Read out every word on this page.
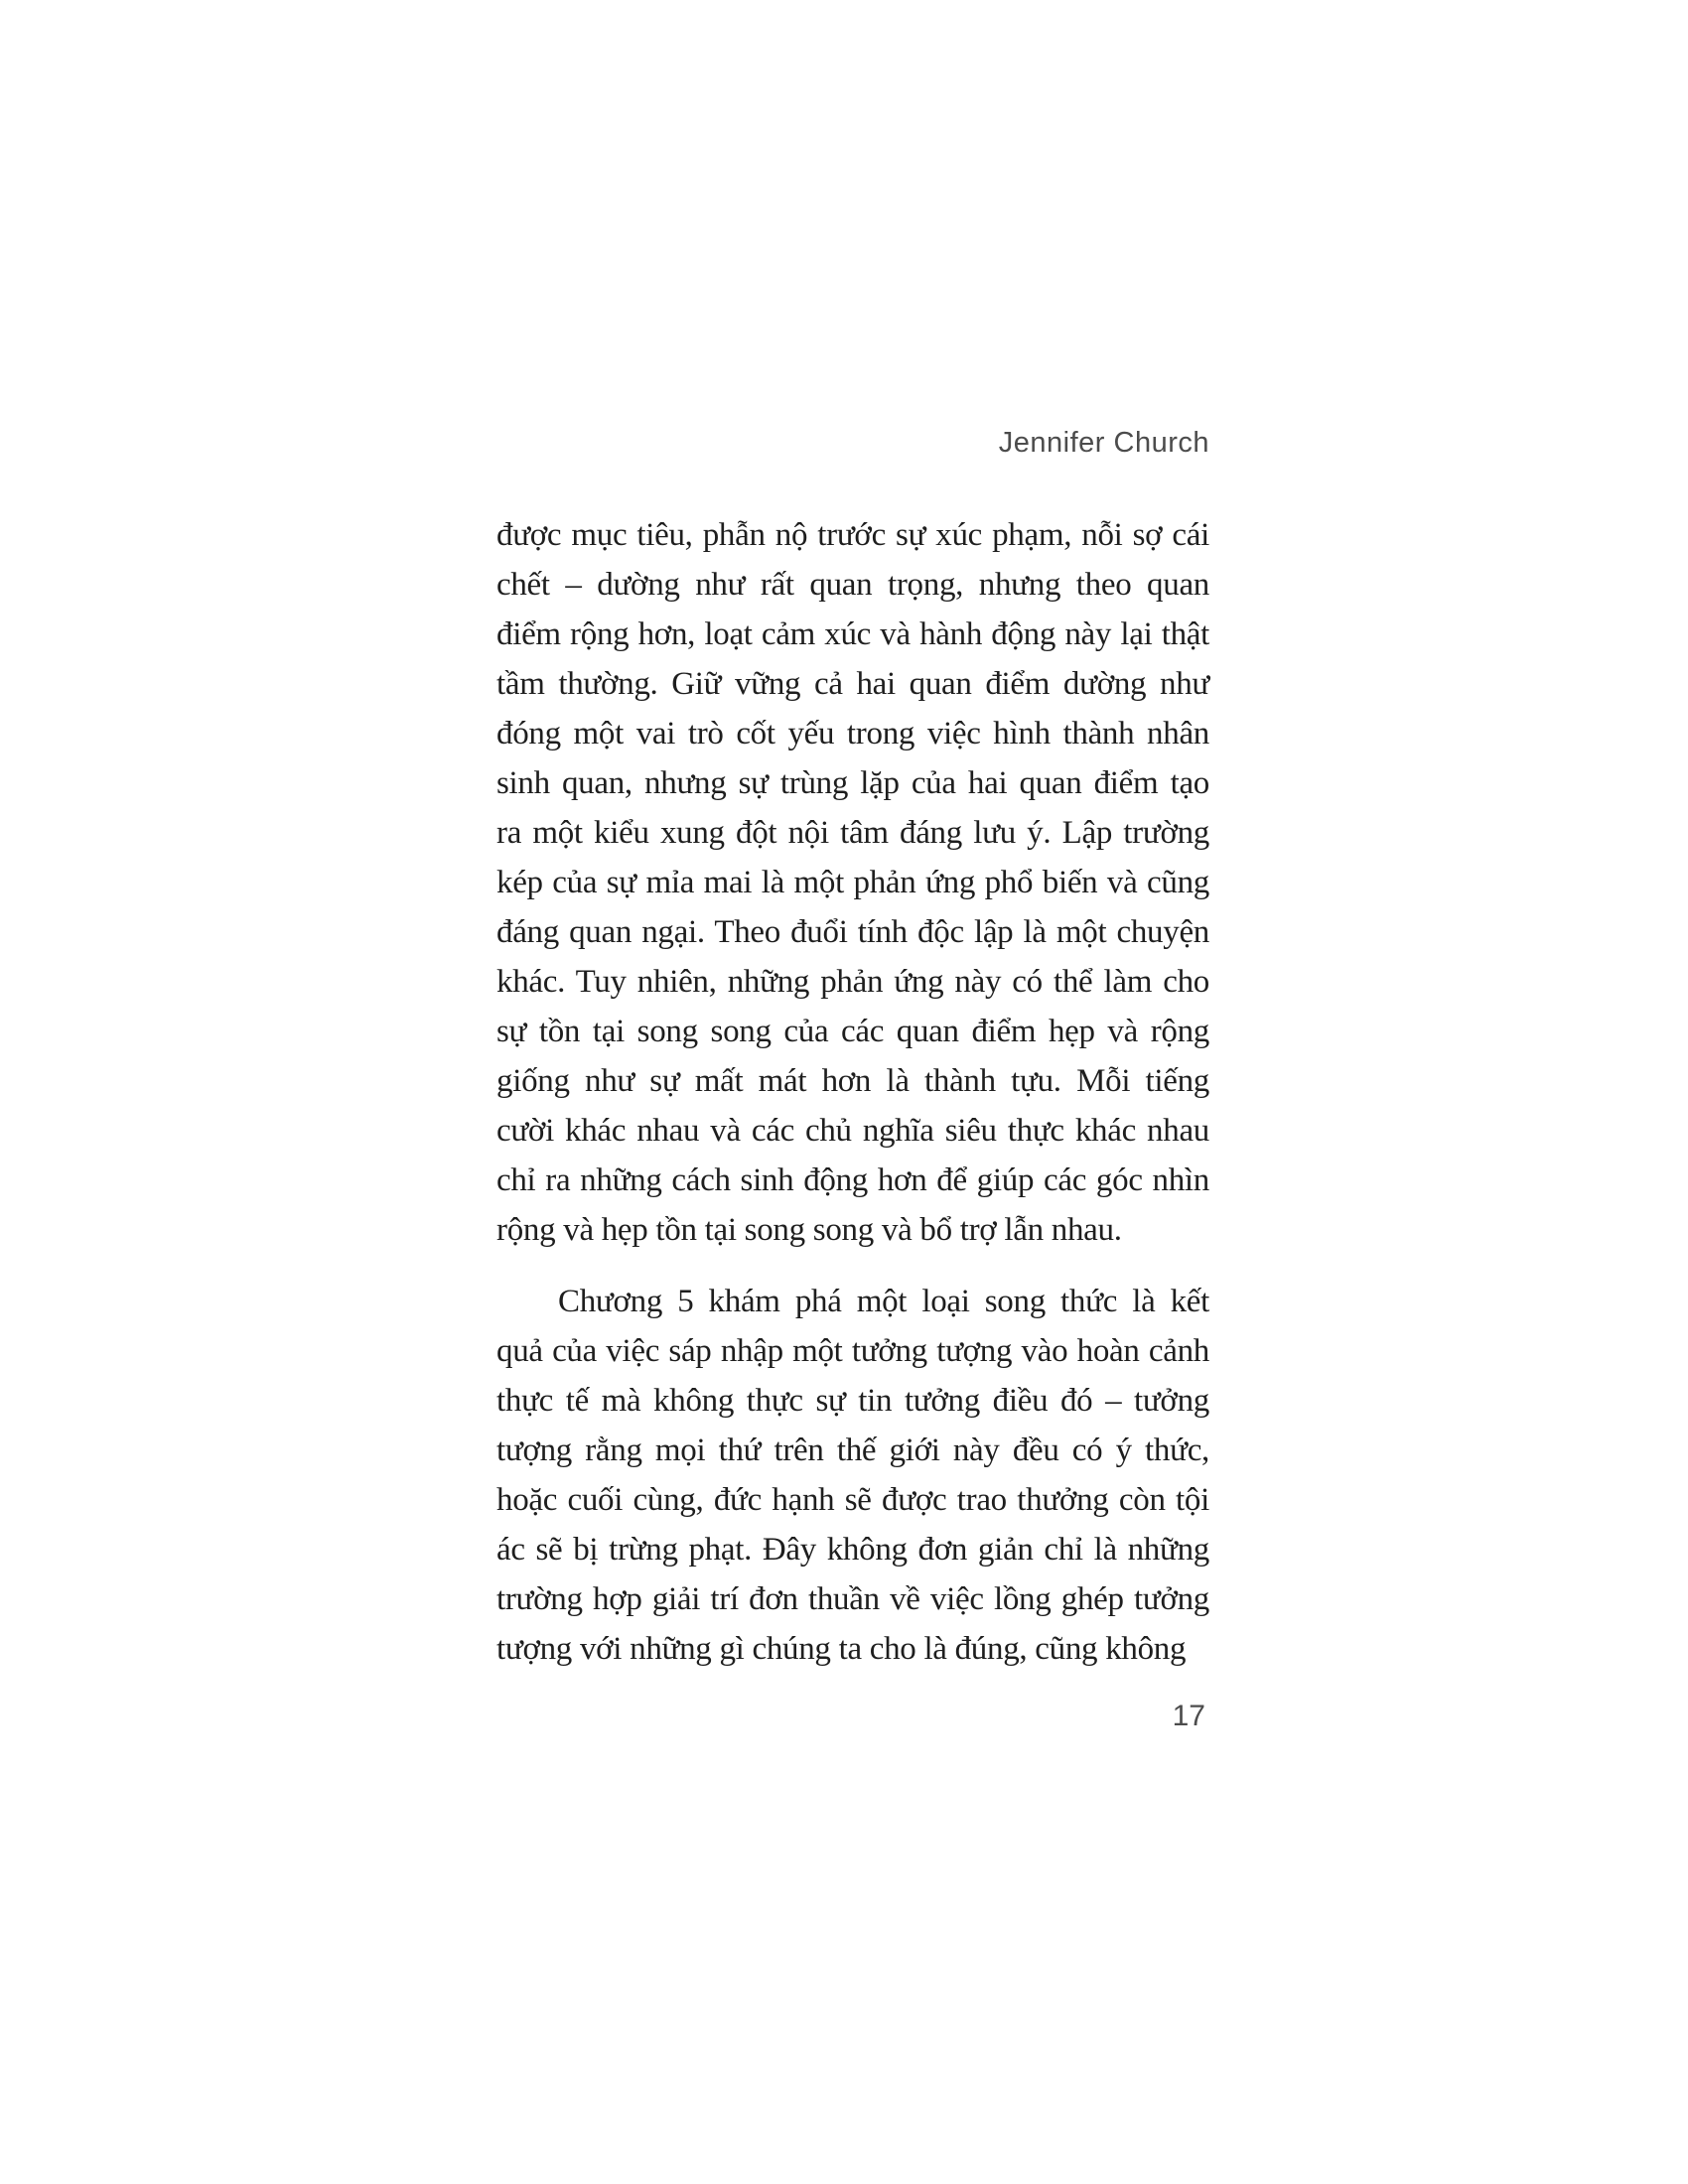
Jennifer Church
được mục tiêu, phẫn nộ trước sự xúc phạm, nỗi sợ cái
chết – dường như rất quan trọng, nhưng theo quan
điểm rộng hơn, loạt cảm xúc và hành động này lại thật
tầm thường. Giữ vững cả hai quan điểm dường như
đóng một vai trò cốt yếu trong việc hình thành nhân
sinh quan, nhưng sự trùng lặp của hai quan điểm tạo
ra một kiểu xung đột nội tâm đáng lưu ý. Lập trường
kép của sự mỉa mai là một phản ứng phổ biến và cũng
đáng quan ngại. Theo đuổi tính độc lập là một chuyện
khác. Tuy nhiên, những phản ứng này có thể làm cho
sự tồn tại song song của các quan điểm hẹp và rộng
giống như sự mất mát hơn là thành tựu. Mỗi tiếng
cười khác nhau và các chủ nghĩa siêu thực khác nhau
chỉ ra những cách sinh động hơn để giúp các góc nhìn
rộng và hẹp tồn tại song song và bổ trợ lẫn nhau.
Chương 5 khám phá một loại song thức là kết
quả của việc sáp nhập một tưởng tượng vào hoàn cảnh
thực tế mà không thực sự tin tưởng điều đó – tưởng
tượng rằng mọi thứ trên thế giới này đều có ý thức,
hoặc cuối cùng, đức hạnh sẽ được trao thưởng còn tội
ác sẽ bị trừng phạt. Đây không đơn giản chỉ là những
trường hợp giải trí đơn thuần về việc lồng ghép tưởng
tượng với những gì chúng ta cho là đúng, cũng không
17
